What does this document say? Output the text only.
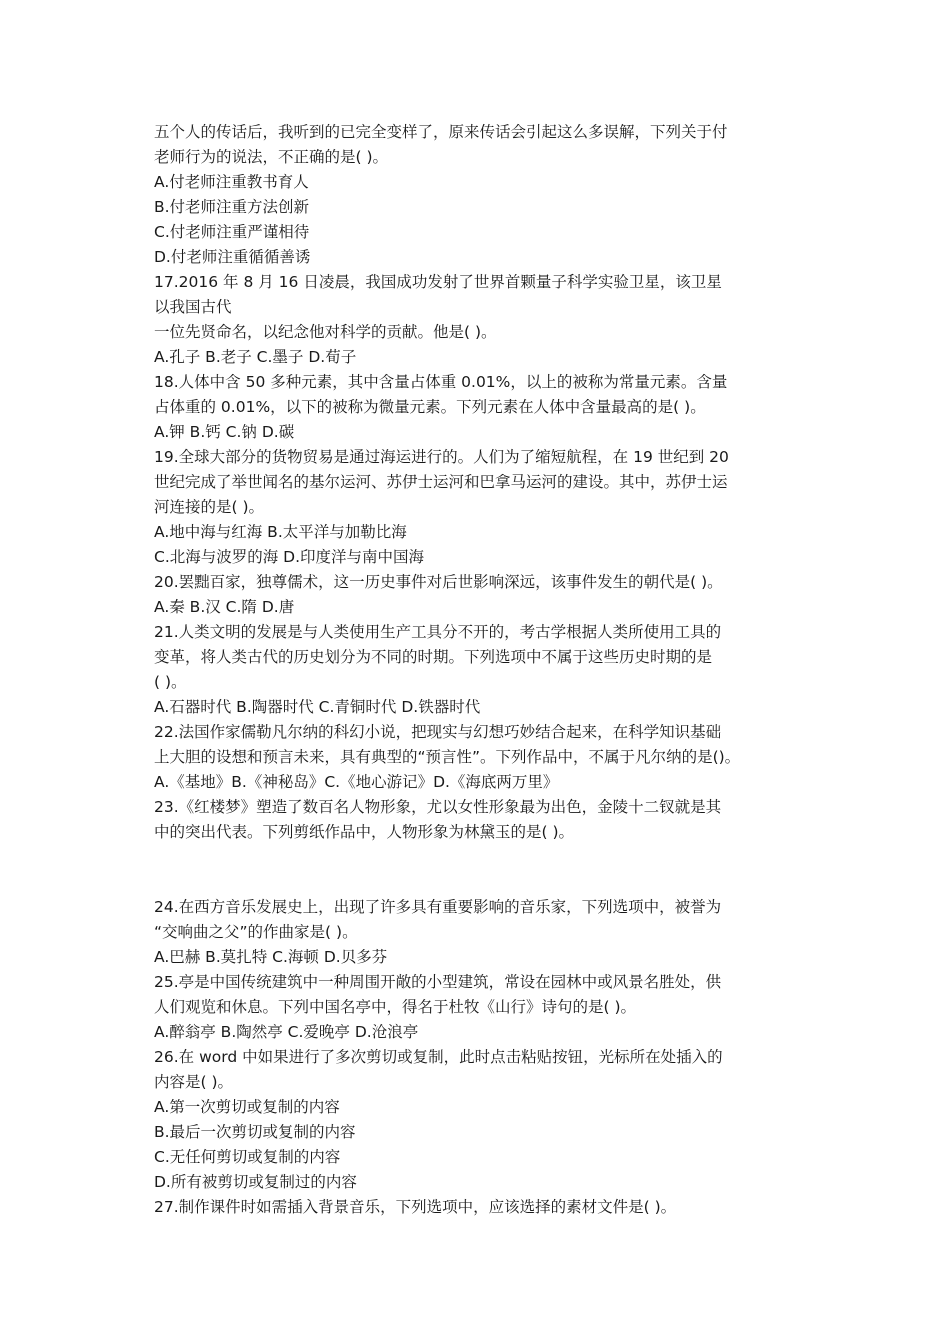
五个人的传话后，我听到的已完全变样了，原来传话会引起这么多误解，下列关于付
老师行为的说法，不正确的是( )。
A.付老师注重教书育人
B.付老师注重方法创新
C.付老师注重严谨相待
D.付老师注重循循善诱
17.2016 年 8 月 16 日凌晨，我国成功发射了世界首颗量子科学实验卫星，该卫星
以我国古代
一位先贤命名，以纪念他对科学的贡献。他是( )。
A.孔子 B.老子 C.墨子 D.荀子
18.人体中含 50 多种元素，其中含量占体重 0.01%，以上的被称为常量元素。含量
占体重的 0.01%，以下的被称为微量元素。下列元素在人体中含量最高的是( )。
A.钾 B.钙 C.钠 D.碳
19.全球大部分的货物贸易是通过海运进行的。人们为了缩短航程，在 19 世纪到 20
世纪完成了举世闻名的基尔运河、苏伊士运河和巴拿马运河的建设。其中，苏伊士运
河连接的是( )。
A.地中海与红海 B.太平洋与加勒比海
C.北海与波罗的海 D.印度洋与南中国海
20.罢黜百家，独尊儒术，这一历史事件对后世影响深远，该事件发生的朝代是( )。
A.秦 B.汉 C.隋 D.唐
21.人类文明的发展是与人类使用生产工具分不开的，考古学根据人类所使用工具的
变革，将人类古代的历史划分为不同的时期。下列选项中不属于这些历史时期的是
( )。
A.石器时代 B.陶器时代 C.青铜时代 D.铁器时代
22.法国作家儒勒凡尔纳的科幻小说，把现实与幻想巧妙结合起来，在科学知识基础
上大胆的设想和预言未来，具有典型的“预言性”。下列作品中，不属于凡尔纳的是()。
A.《基地》B.《神秘岛》C.《地心游记》D.《海底两万里》
23.《红楼梦》塑造了数百名人物形象，尤以女性形象最为出色，金陵十二钗就是其
中的突出代表。下列剪纸作品中，人物形象为林黛玉的是( )。
24.在西方音乐发展史上，出现了许多具有重要影响的音乐家，下列选项中，被誉为
“交响曲之父”的作曲家是( )。
A.巴赫 B.莫扎特 C.海顿 D.贝多芬
25.亭是中国传统建筑中一种周围开敞的小型建筑，常设在园林中或风景名胜处，供
人们观览和休息。下列中国名亭中，得名于杜牧《山行》诗句的是( )。
A.醉翁亭 B.陶然亭 C.爱晚亭 D.沧浪亭
26.在 word 中如果进行了多次剪切或复制，此时点击粘贴按钮，光标所在处插入的
内容是( )。
A.第一次剪切或复制的内容
B.最后一次剪切或复制的内容
C.无任何剪切或复制的内容
D.所有被剪切或复制过的内容
27.制作课件时如需插入背景音乐，下列选项中，应该选择的素材文件是( )。
